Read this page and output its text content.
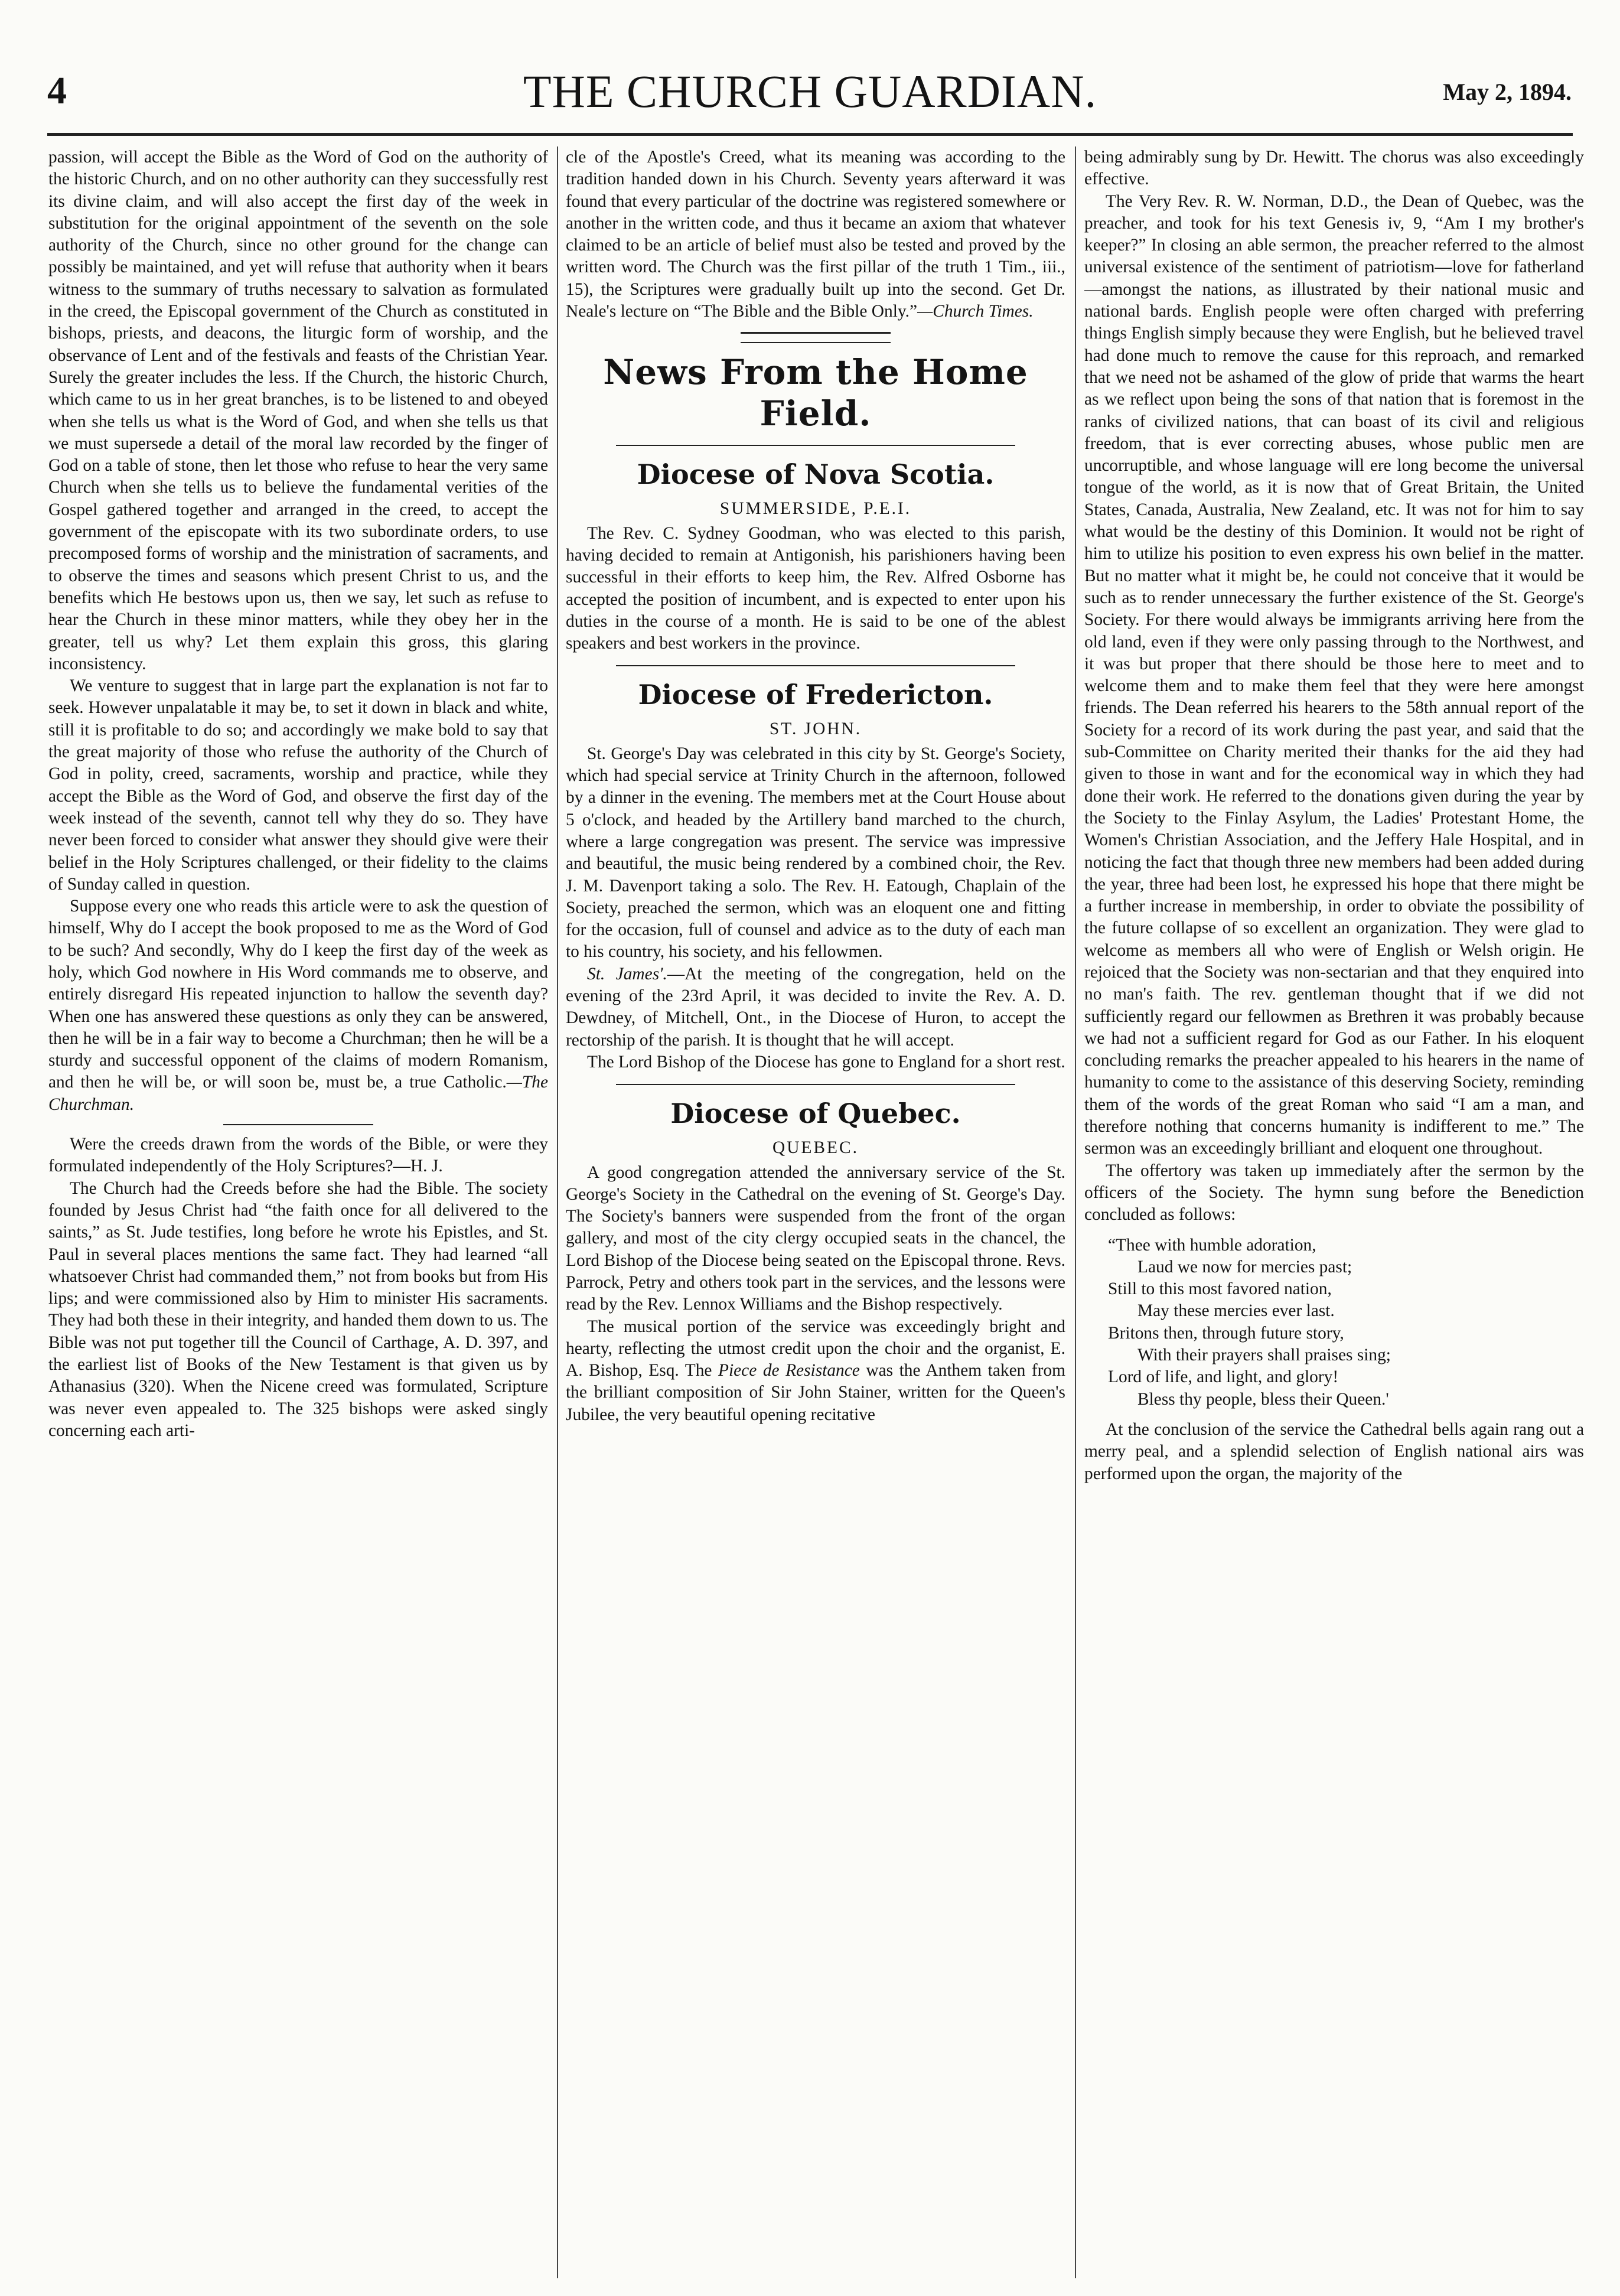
4	THE CHURCH GUARDIAN.	May 2, 1894.

passion, will accept the Bible as the Word of God on the authority of the historic Church, and on no other authority can they successfully rest its divine claim, and will also accept the first day of the week in substitution for the original appointment of the seventh on the sole authority of the Church, since no other ground for the change can possibly be maintained, and yet will refuse that authority when it bears witness to the summary of truths necessary to salvation as formulated in the creed, the Episcopal government of the Church as constituted in bishops, priests, and deacons, the liturgic form of worship, and the observance of Lent and of the festivals and feasts of the Christian Year. Surely the greater includes the less. If the Church, the historic Church, which came to us in her great branches, is to be listened to and obeyed when she tells us what is the Word of God, and when she tells us that we must supersede a detail of the moral law recorded by the finger of God on a table of stone, then let those who refuse to hear the very same Church when she tells us to believe the fundamental verities of the Gospel gathered together and arranged in the creed, to accept the government of the episcopate with its two subordinate orders, to use precomposed forms of worship and the ministration of sacraments, and to observe the times and seasons which present Christ to us, and the benefits which He bestows upon us, then we say, let such as refuse to hear the Church in these minor matters, while they obey her in the greater, tell us why? Let them explain this gross, this glaring inconsistency.

We venture to suggest that in large part the explanation is not far to seek. However unpalatable it may be, to set it down in black and white, still it is profitable to do so; and accordingly we make bold to say that the great majority of those who refuse the authority of the Church of God in polity, creed, sacraments, worship and practice, while they accept the Bible as the Word of God, and observe the first day of the week instead of the seventh, cannot tell why they do so. They have never been forced to consider what answer they should give were their belief in the Holy Scriptures challenged, or their fidelity to the claims of Sunday called in question.

Suppose every one who reads this article were to ask the question of himself, Why do I accept the book proposed to me as the Word of God to be such? And secondly, Why do I keep the first day of the week as holy, which God nowhere in His Word commands me to observe, and entirely disregard His repeated injunction to hallow the seventh day? When one has answered these questions as only they can be answered, then he will be in a fair way to become a Churchman; then he will be a sturdy and successful opponent of the claims of modern Romanism, and then he will be, or will soon be, must be, a true Catholic.—The Churchman.

Were the creeds drawn from the words of the Bible, or were they formulated independently of the Holy Scriptures?—H. J.

The Church had the Creeds before she had the Bible. The society founded by Jesus Christ had “the faith once for all delivered to the saints,” as St. Jude testifies, long before he wrote his Epistles, and St. Paul in several places mentions the same fact. They had learned “all whatsoever Christ had commanded them,” not from books but from His lips; and were commissioned also by Him to minister His sacraments. They had both these in their integrity, and handed them down to us. The Bible was not put together till the Council of Carthage, A. D. 397, and the earliest list of Books of the New Testament is that given us by Athanasius (320). When the Nicene creed was formulated, Scripture was never even appealed to. The 325 bishops were asked singly concerning each arti-

cle of the Apostle's Creed, what its meaning was according to the tradition handed down in his Church. Seventy years afterward it was found that every particular of the doctrine was registered somewhere or another in the written code, and thus it became an axiom that whatever claimed to be an article of belief must also be tested and proved by the written word. The Church was the first pillar of the truth 1 Tim., iii., 15), the Scriptures were gradually built up into the second. Get Dr. Neale's lecture on “The Bible and the Bible Only.”—Church Times.

News From the Home Field.
Diocese of Nova Scotia.
SUMMERSIDE, P.E.I.

The Rev. C. Sydney Goodman, who was elected to this parish, having decided to remain at Antigonish, his parishioners having been successful in their efforts to keep him, the Rev. Alfred Osborne has accepted the position of incumbent, and is expected to enter upon his duties in the course of a month. He is said to be one of the ablest speakers and best workers in the province.

Diocese of Fredericton.
ST. JOHN.

St. George's Day was celebrated in this city by St. George's Society, which had special service at Trinity Church in the afternoon, followed by a dinner in the evening. The members met at the Court House about 5 o'clock, and headed by the Artillery band marched to the church, where a large congregation was present. The service was impressive and beautiful, the music being rendered by a combined choir, the Rev. J. M. Davenport taking a solo. The Rev. H. Eatough, Chaplain of the Society, preached the sermon, which was an eloquent one and fitting for the occasion, full of counsel and advice as to the duty of each man to his country, his society, and his fellowmen.

St. James'.—At the meeting of the congregation, held on the evening of the 23rd April, it was decided to invite the Rev. A. D. Dewdney, of Mitchell, Ont., in the Diocese of Huron, to accept the rectorship of the parish. It is thought that he will accept.

The Lord Bishop of the Diocese has gone to England for a short rest.

Diocese of Quebec.
QUEBEC.

A good congregation attended the anniversary service of the St. George's Society in the Cathedral on the evening of St. George's Day. The Society's banners were suspended from the front of the organ gallery, and most of the city clergy occupied seats in the chancel, the Lord Bishop of the Diocese being seated on the Episcopal throne. Revs. Parrock, Petry and others took part in the services, and the lessons were read by the Rev. Lennox Williams and the Bishop respectively.

The musical portion of the service was exceedingly bright and hearty, reflecting the utmost credit upon the choir and the organist, E. A. Bishop, Esq. The Piece de Resistance was the Anthem taken from the brilliant composition of Sir John Stainer, written for the Queen's Jubilee, the very beautiful opening recitative

being admirably sung by Dr. Hewitt. The chorus was also exceedingly effective.

The Very Rev. R. W. Norman, D.D., the Dean of Quebec, was the preacher, and took for his text Genesis iv, 9, “Am I my brother's keeper?” In closing an able sermon, the preacher referred to the almost universal existence of the sentiment of patriotism—love for fatherland—amongst the nations, as illustrated by their national music and national bards. English people were often charged with preferring things English simply because they were English, but he believed travel had done much to remove the cause for this reproach, and remarked that we need not be ashamed of the glow of pride that warms the heart as we reflect upon being the sons of that nation that is foremost in the ranks of civilized nations, that can boast of its civil and religious freedom, that is ever correcting abuses, whose public men are uncorruptible, and whose language will ere long become the universal tongue of the world, as it is now that of Great Britain, the United States, Canada, Australia, New Zealand, etc. It was not for him to say what would be the destiny of this Dominion. It would not be right of him to utilize his position to even express his own belief in the matter. But no matter what it might be, he could not conceive that it would be such as to render unnecessary the further existence of the St. George's Society. For there would always be immigrants arriving here from the old land, even if they were only passing through to the Northwest, and it was but proper that there should be those here to meet and to welcome them and to make them feel that they were here amongst friends. The Dean referred his hearers to the 58th annual report of the Society for a record of its work during the past year, and said that the sub-Committee on Charity merited their thanks for the aid they had given to those in want and for the economical way in which they had done their work. He referred to the donations given during the year by the Society to the Finlay Asylum, the Ladies' Protestant Home, the Women's Christian Association, and the Jeffery Hale Hospital, and in noticing the fact that though three new members had been added during the year, three had been lost, he expressed his hope that there might be a further increase in membership, in order to obviate the possibility of the future collapse of so excellent an organization. They were glad to welcome as members all who were of English or Welsh origin. He rejoiced that the Society was non-sectarian and that they enquired into no man's faith. The rev. gentleman thought that if we did not sufficiently regard our fellowmen as Brethren it was probably because we had not a sufficient regard for God as our Father. In his eloquent concluding remarks the preacher appealed to his hearers in the name of humanity to come to the assistance of this deserving Society, reminding them of the words of the great Roman who said “I am a man, and therefore nothing that concerns humanity is indifferent to me.” The sermon was an exceedingly brilliant and eloquent one throughout.

The offertory was taken up immediately after the sermon by the officers of the Society. The hymn sung before the Benediction concluded as follows:

“Thee with humble adoration,
Laud we now for mercies past;
Still to this most favored nation,
May these mercies ever last.
Britons then, through future story,
With their prayers shall praises sing;
Lord of life, and light, and glory!
Bless thy people, bless their Queen.'

At the conclusion of the service the Cathedral bells again rang out a merry peal, and a splendid selection of English national airs was performed upon the organ, the majority of the
